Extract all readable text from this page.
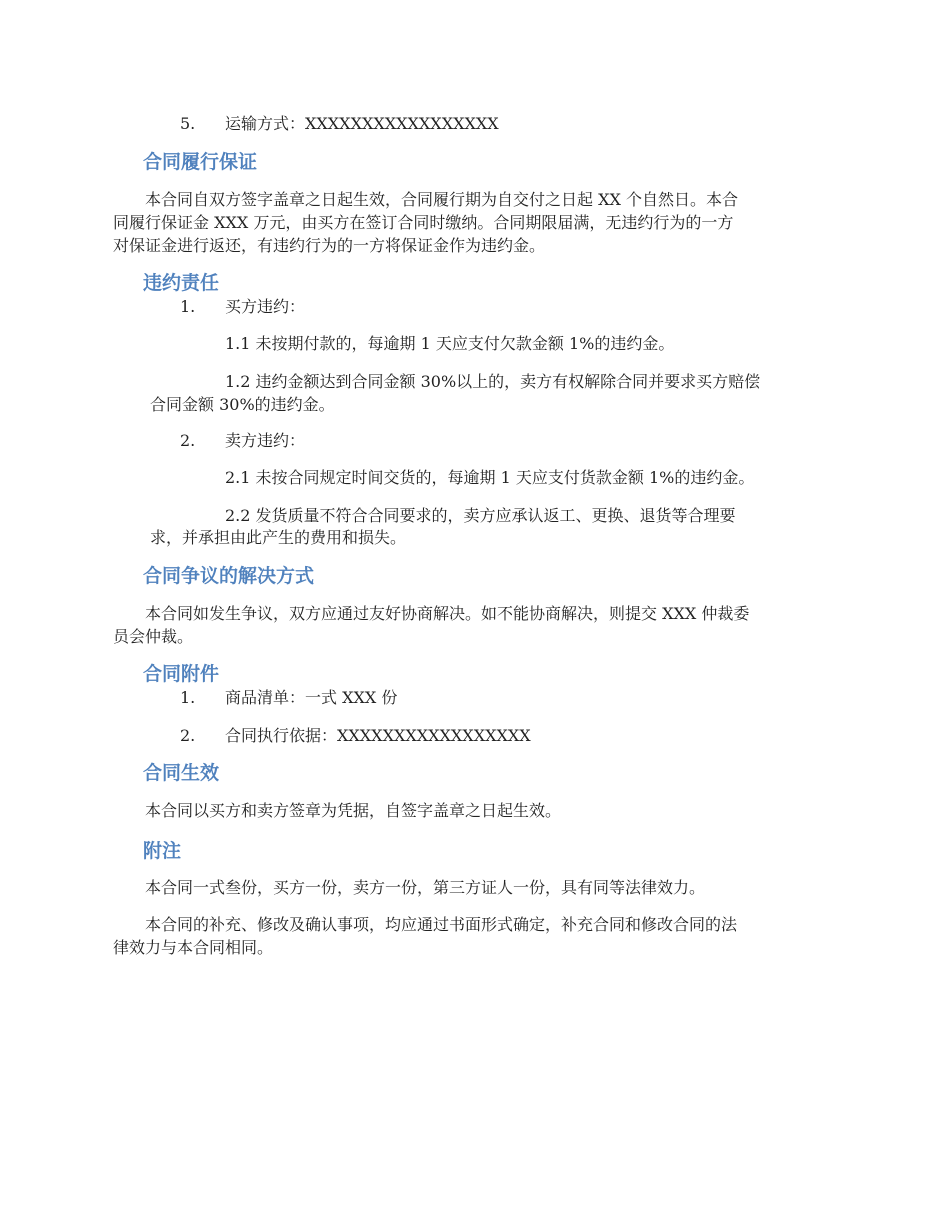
5. 运输方式：XXXXXXXXXXXXXXXXX
合同履行保证
本合同自双方签字盖章之日起生效，合同履行期为自交付之日起 XX 个自然日。本合
同履行保证金 XXX 万元，由买方在签订合同时缴纳。合同期限届满，无违约行为的一方
对保证金进行返还，有违约行为的一方将保证金作为违约金。
违约责任
1. 买方违约：
1.1 未按期付款的，每逾期 1 天应支付欠款金额 1%的违约金。
1.2 违约金额达到合同金额 30%以上的，卖方有权解除合同并要求买方赔偿
合同金额 30%的违约金。
2. 卖方违约：
2.1 未按合同规定时间交货的，每逾期 1 天应支付货款金额 1%的违约金。
2.2 发货质量不符合合同要求的，卖方应承认返工、更换、退货等合理要
求，并承担由此产生的费用和损失。
合同争议的解决方式
本合同如发生争议，双方应通过友好协商解决。如不能协商解决，则提交 XXX 仲裁委
员会仲裁。
合同附件
1. 商品清单：一式 XXX 份
2. 合同执行依据：XXXXXXXXXXXXXXXXX
合同生效
本合同以买方和卖方签章为凭据，自签字盖章之日起生效。
附注
本合同一式叁份，买方一份，卖方一份，第三方证人一份，具有同等法律效力。
本合同的补充、修改及确认事项，均应通过书面形式确定，补充合同和修改合同的法
律效力与本合同相同。
